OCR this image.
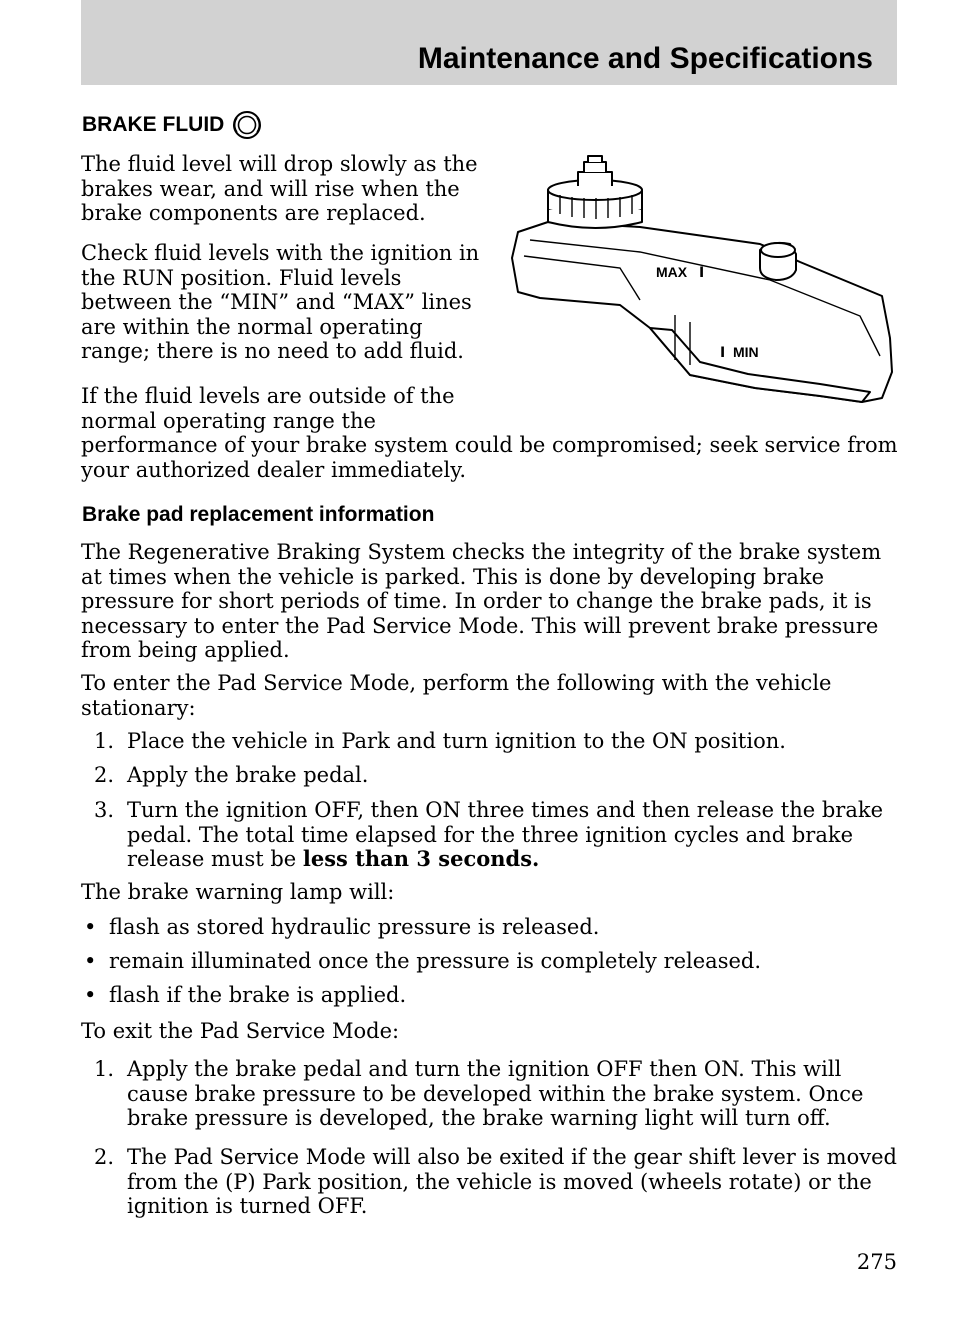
Maintenance and Specifications
BRAKE FLUID

The fluid level will drop slowly as the brakes wear, and will rise when the brake components are replaced.

Check fluid levels with the ignition in the RUN position. Fluid levels between the “MIN” and “MAX” lines are within the normal operating range; there is no need to add fluid.

If the fluid levels are outside of the normal operating range the

performance of your brake system could be compromised; seek service from your authorized dealer immediately.

MAX Ⅰ
Ⅰ MIN
Brake pad replacement information

The Regenerative Braking System checks the integrity of the brake system at times when the vehicle is parked. This is done by developing brake pressure for short periods of time. In order to change the brake pads, it is necessary to enter the Pad Service Mode. This will prevent brake pressure from being applied.

To enter the Pad Service Mode, perform the following with the vehicle stationary:

1. Place the vehicle in Park and turn ignition to the ON position.
2. Apply the brake pedal.
3. Turn the ignition OFF, then ON three times and then release the brake pedal. The total time elapsed for the three ignition cycles and brake release must be less than 3 seconds.

The brake warning lamp will:

• flash as stored hydraulic pressure is released.
• remain illuminated once the pressure is completely released.
• flash if the brake is applied.

To exit the Pad Service Mode:

1. Apply the brake pedal and turn the ignition OFF then ON. This will cause brake pressure to be developed within the brake system. Once brake pressure is developed, the brake warning light will turn off.
2. The Pad Service Mode will also be exited if the gear shift lever is moved from the (P) Park position, the vehicle is moved (wheels rotate) or the ignition is turned OFF.
275
